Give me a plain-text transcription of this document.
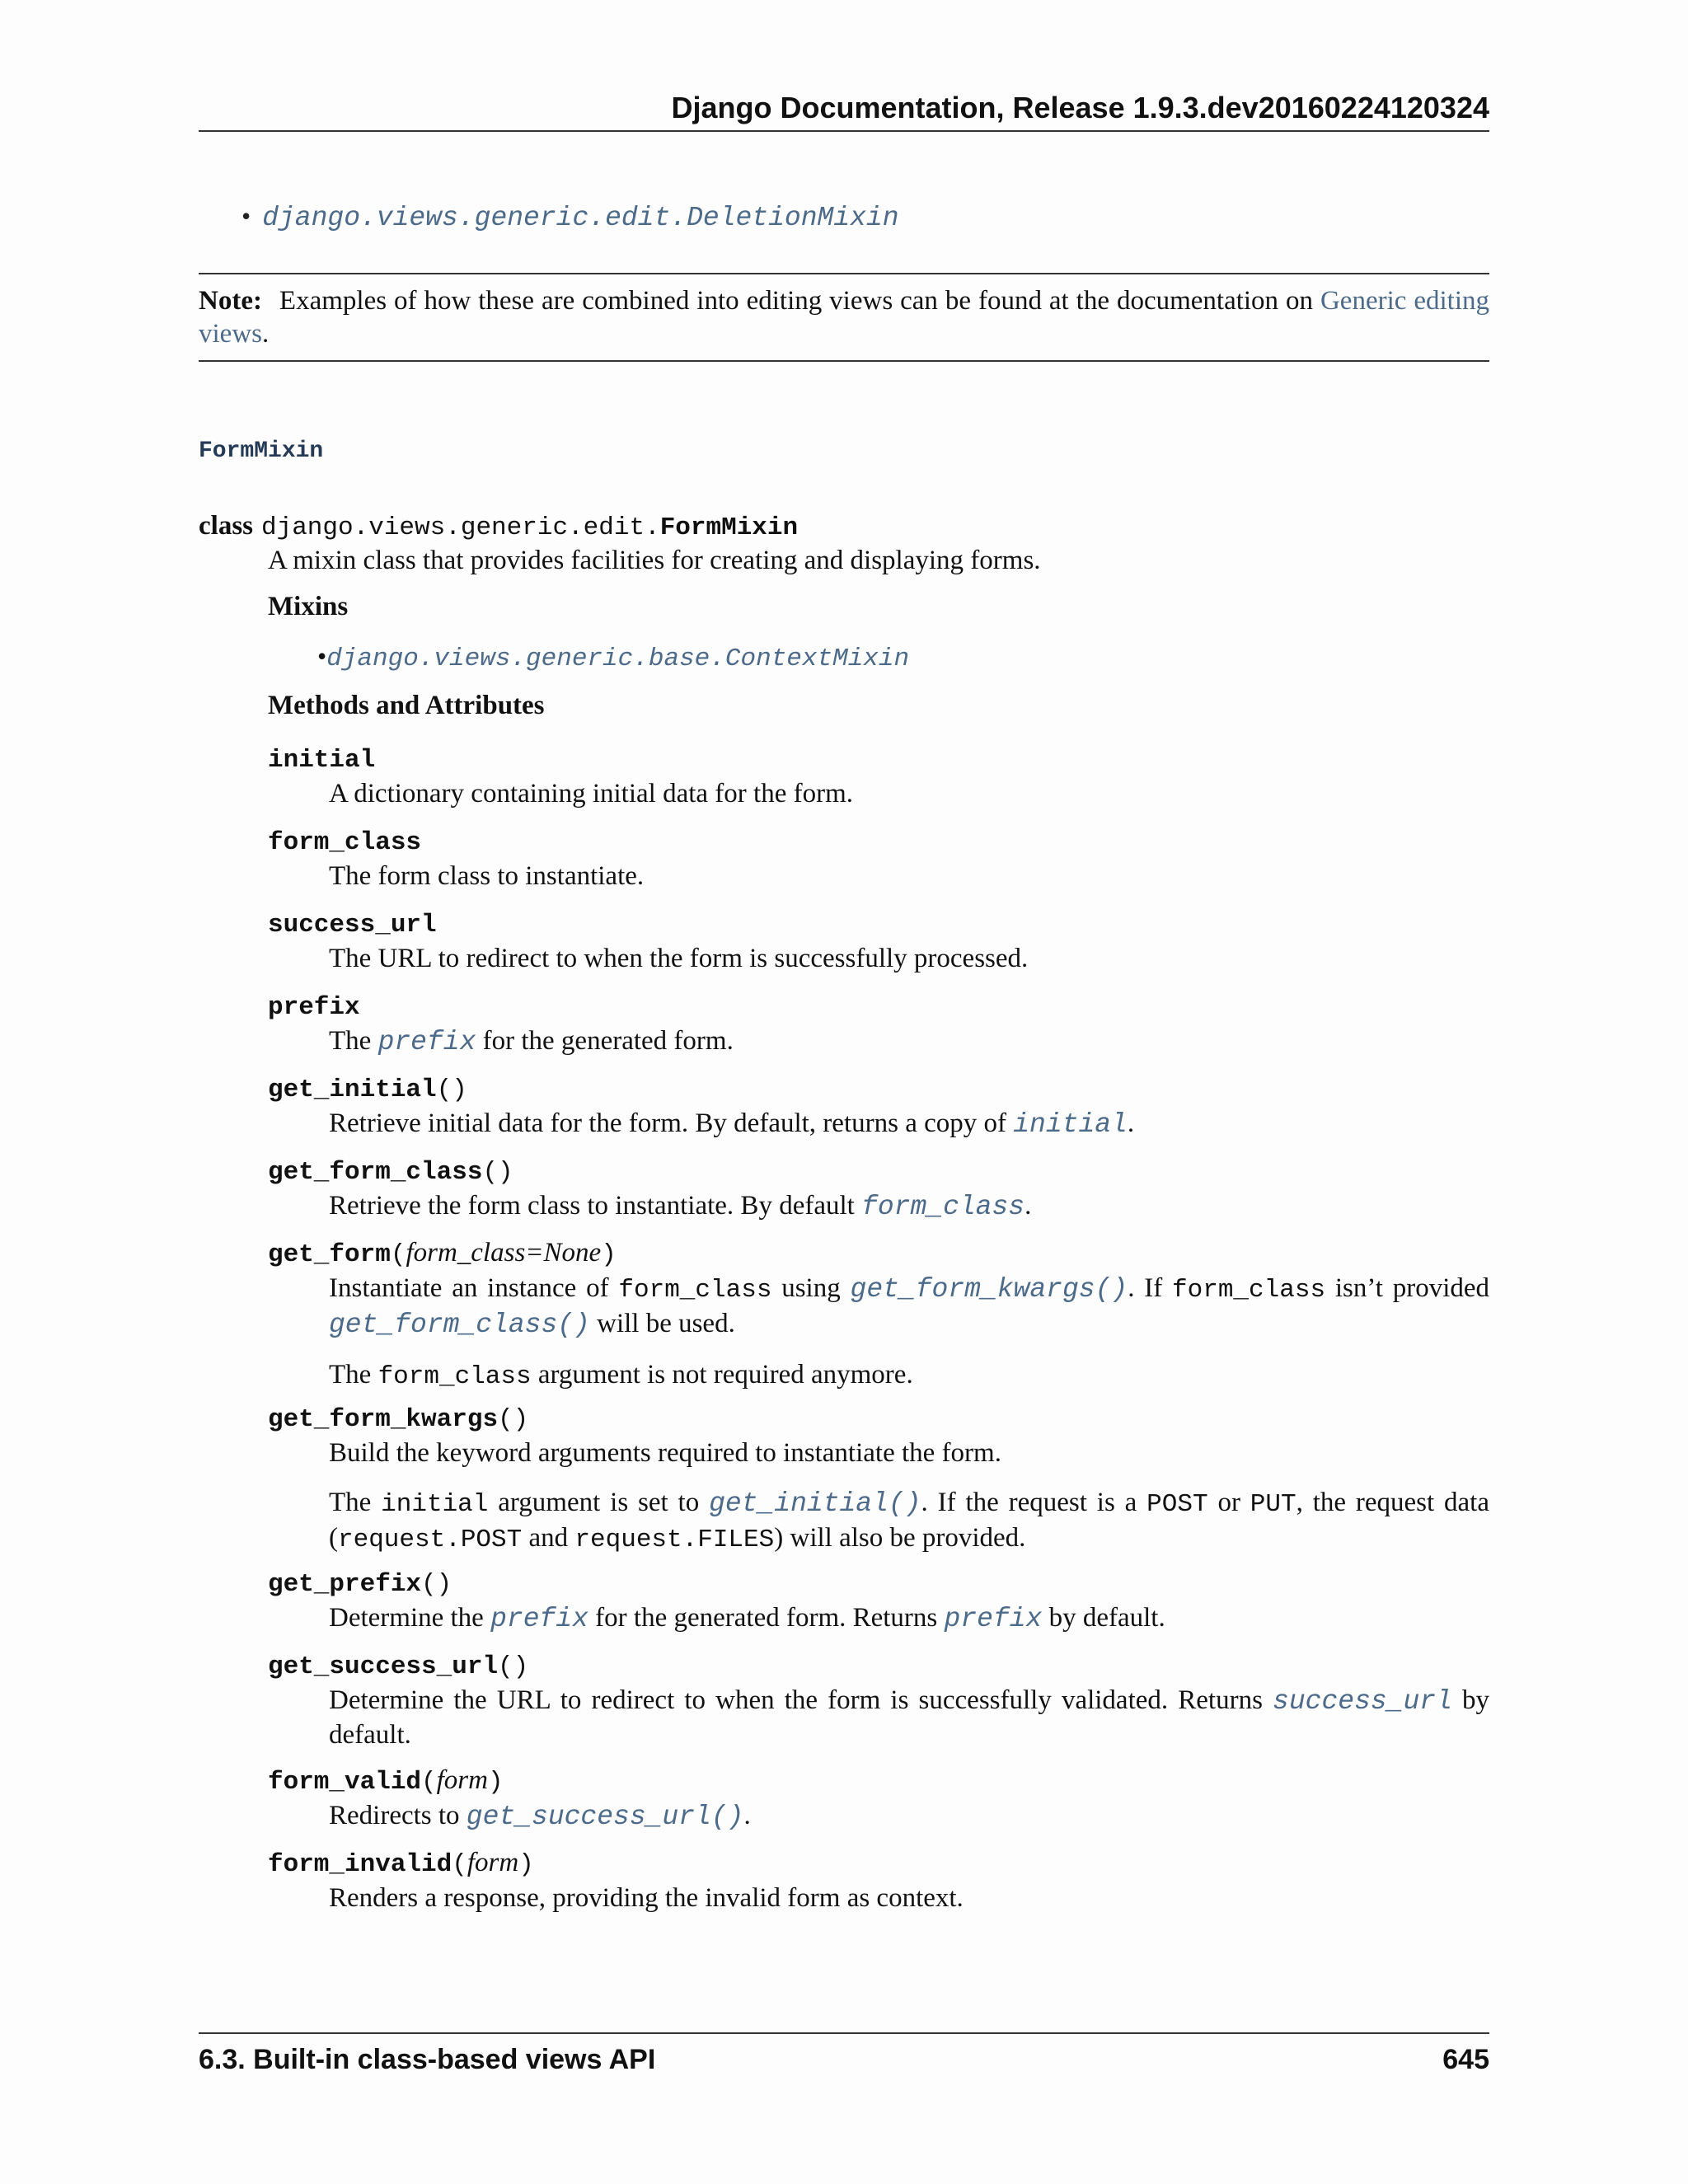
Django Documentation, Release 1.9.3.dev20160224120324
• django.views.generic.edit.DeletionMixin
Note: Examples of how these are combined into editing views can be found at the documentation on Generic editing views.
FormMixin
class django.views.generic.edit.FormMixin
A mixin class that provides facilities for creating and displaying forms.
Mixins
•django.views.generic.base.ContextMixin
Methods and Attributes
initial
A dictionary containing initial data for the form.
form_class
The form class to instantiate.
success_url
The URL to redirect to when the form is successfully processed.
prefix
The prefix for the generated form.
get_initial()
Retrieve initial data for the form. By default, returns a copy of initial.
get_form_class()
Retrieve the form class to instantiate. By default form_class.
get_form(form_class=None)
Instantiate an instance of form_class using get_form_kwargs(). If form_class isn’t provided get_form_class() will be used.
The form_class argument is not required anymore.
get_form_kwargs()
Build the keyword arguments required to instantiate the form.
The initial argument is set to get_initial(). If the request is a POST or PUT, the request data (request.POST and request.FILES) will also be provided.
get_prefix()
Determine the prefix for the generated form. Returns prefix by default.
get_success_url()
Determine the URL to redirect to when the form is successfully validated. Returns success_url by default.
form_valid(form)
Redirects to get_success_url().
form_invalid(form)
Renders a response, providing the invalid form as context.
6.3. Built-in class-based views API	645
